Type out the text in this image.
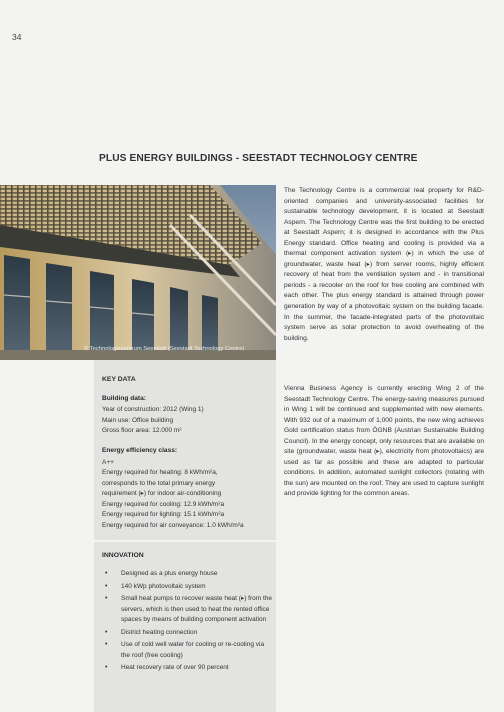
34
PLUS ENERGY BUILDINGS - SEESTADT TECHNOLOGY CENTRE
© Technologiezentrum Seestadt (Seestadt Technology Centre)
KEY DATA
Building data:
Year of construction: 2012 (Wing 1)
Main use: Office building
Gross floor area: 12.000 m²
Energy efficiency class:
A++
Energy required for heating: 8 kWh/m²a,
corresponds to the total primary energy
requirement (▸) for indoor air-conditioning
Energy required for cooling: 12.9 kWh/m²a
Energy required for lighting: 15.1 kWh/m²a
Energy required for air conveyance: 1.0 kWh/m²a
INNOVATION
• Designed as a plus energy house
• 140 kWp photovoltaic system
• Small heat pumps to recover waste heat (▸) from the servers, which is then used to heat the rented office spaces by means of building component activation
• District heating connection
• Use of cold well water for cooling or re-cooling via the roof (free cooling)
• Heat recovery rate of over 90 percent

The Technology Centre is a commercial real property for R&D-oriented companies and university-associated facilities for sustainable technology development, it is located at Seestadt Aspern. The Technology Centre was the first building to be erected at Seestadt Aspern; it is designed in accordance with the Plus Energy standard. Office heating and cooling is provided via a thermal component activation system (▸) in which the use of groundwater, waste heat (▸) from server rooms, highly efficient recovery of heat from the ventilation system and - in transitional periods - a recooler on the roof for free cooling are combined with each other. The plus energy standard is attained through power generation by way of a photovoltaic system on the building facade. In the summer, the facade-integrated parts of the photovoltaic system serve as solar protection to avoid overheating of the building.

Vienna Business Agency is currently erecting Wing 2 of the Seestadt Technology Centre. The energy-saving measures pursued in Wing 1 will be continued and supplemented with new elements. With 932 out of a maximum of 1,000 points, the new wing achieves Gold certification status from ÖGNB (Austrian Sustainable Building Council). In the energy concept, only resources that are available on site (groundwater, waste heat (▸), electricity from photovoltaics) are used as far as possible and these are adapted to particular conditions. In addition, automated sunlight collectors (rotating with the sun) are mounted on the roof. They are used to capture sunlight and provide lighting for the common areas.
